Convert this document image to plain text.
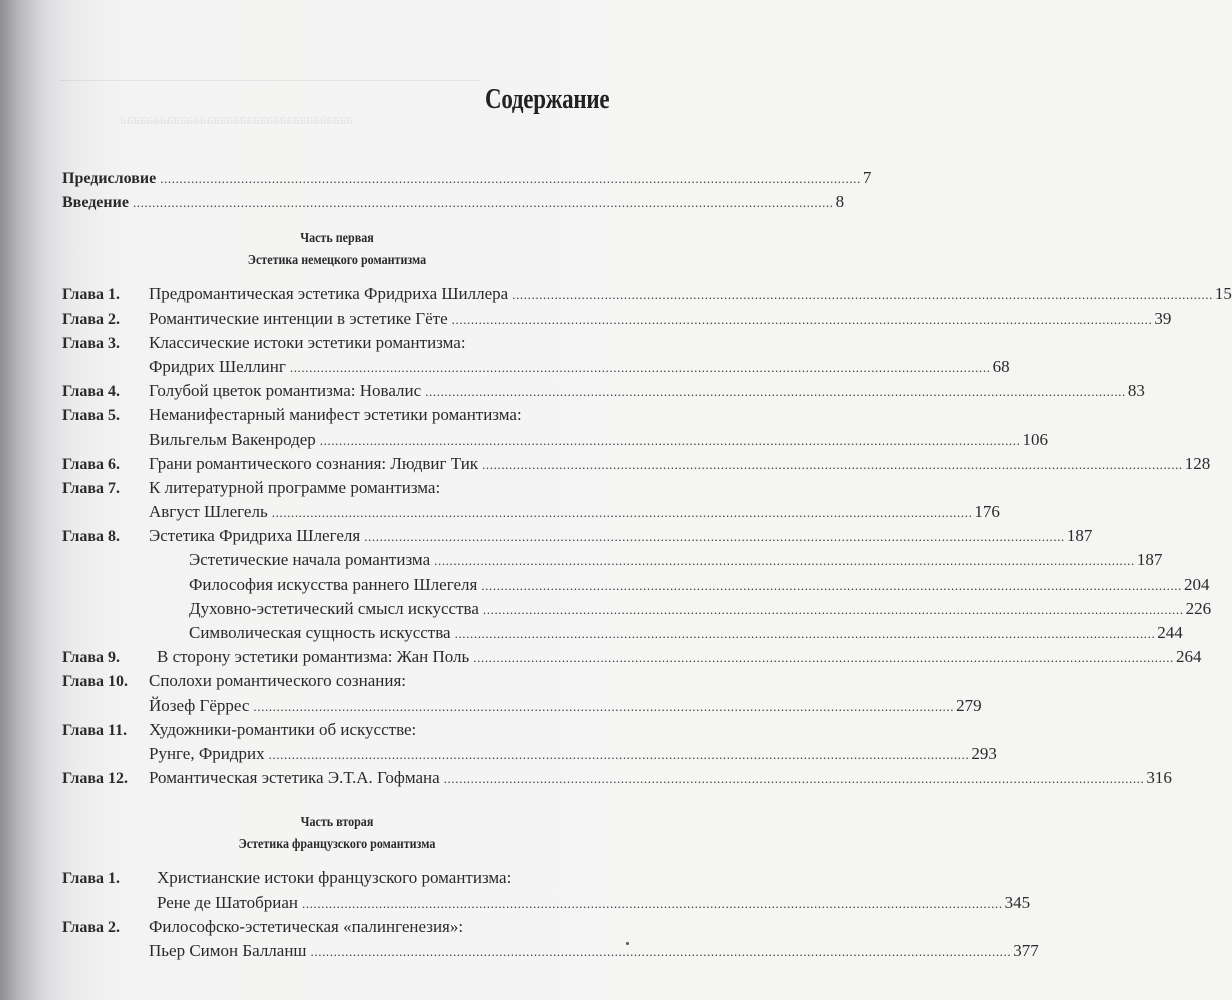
ааааааааааааааааааааааааааааааааааа
Содержание
Предисловие .....	7
Введение .....	8
Часть первая
Эстетика немецкого романтизма
Глава 1.	Предромантическая эстетика Фридриха Шиллера .....	15
Глава 2.	Романтические интенции в эстетике Гёте .....	39
Глава 3.	Классические истоки эстетики романтизма:
Фридрих Шеллинг .....	68
Глава 4.	Голубой цветок романтизма: Новалис .....	83
Глава 5.	Неманифестарный манифест эстетики романтизма:
Вильгельм Вакенродер .....	106
Глава 6.	Грани романтического сознания: Людвиг Тик .....	128
Глава 7.	К литературной программе романтизма:
Август Шлегель .....	176
Глава 8.	Эстетика Фридриха Шлегеля .....	187
Эстетические начала романтизма .....	187
Философия искусства раннего Шлегеля .....	204
Духовно-эстетический смысл искусства .....	226
Символическая сущность искусства .....	244
Глава 9.	В сторону эстетики романтизма: Жан Поль .....	264
Глава 10.	Сполохи романтического сознания:
Йозеф Гёррес .....	279
Глава 11.	Художники-романтики об искусстве:
Рунге, Фридрих .....	293
Глава 12.	Романтическая эстетика Э.Т.А. Гофмана .....	316
Часть вторая
Эстетика французского романтизма
Глава 1.	Христианские истоки французского романтизма:
Рене де Шатобриан .....	345
Глава 2.	Философско-эстетическая «палингенезия»:
Пьер Симон Балланш .....	377
